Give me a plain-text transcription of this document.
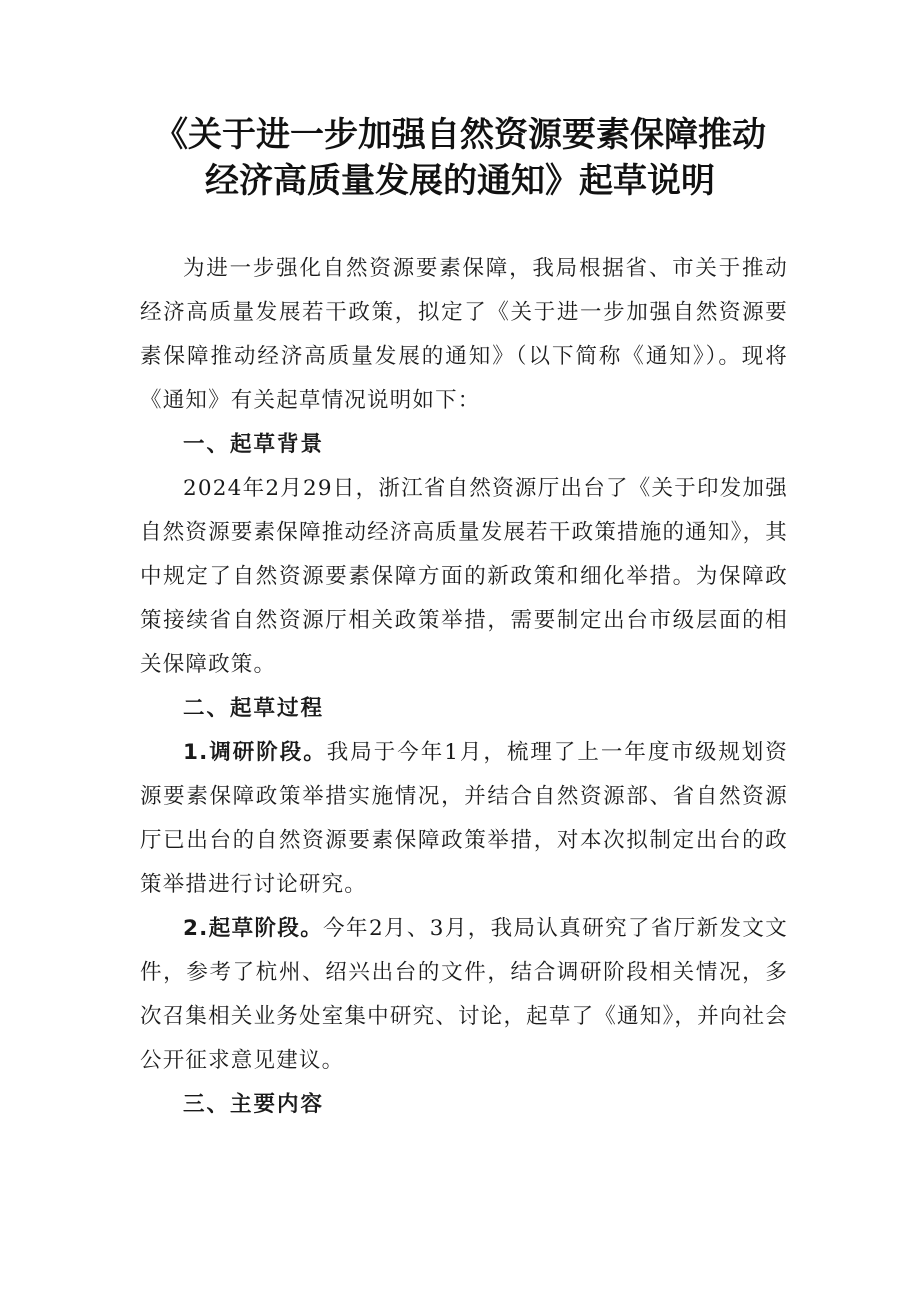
《关于进一步加强自然资源要素保障推动
经济高质量发展的通知》起草说明

为进一步强化自然资源要素保障，我局根据省、市关于推动经济高质量发展若干政策，拟定了《关于进一步加强自然资源要素保障推动经济高质量发展的通知》（以下简称《通知》）。现将《通知》有关起草情况说明如下：

一、起草背景

2024年2月29日，浙江省自然资源厅出台了《关于印发加强自然资源要素保障推动经济高质量发展若干政策措施的通知》，其中规定了自然资源要素保障方面的新政策和细化举措。为保障政策接续省自然资源厅相关政策举措，需要制定出台市级层面的相关保障政策。

二、起草过程

1.调研阶段。我局于今年1月，梳理了上一年度市级规划资源要素保障政策举措实施情况，并结合自然资源部、省自然资源厅已出台的自然资源要素保障政策举措，对本次拟制定出台的政策举措进行讨论研究。

2.起草阶段。今年2月、3月，我局认真研究了省厅新发文文件，参考了杭州、绍兴出台的文件，结合调研阶段相关情况，多次召集相关业务处室集中研究、讨论，起草了《通知》，并向社会公开征求意见建议。

三、主要内容
